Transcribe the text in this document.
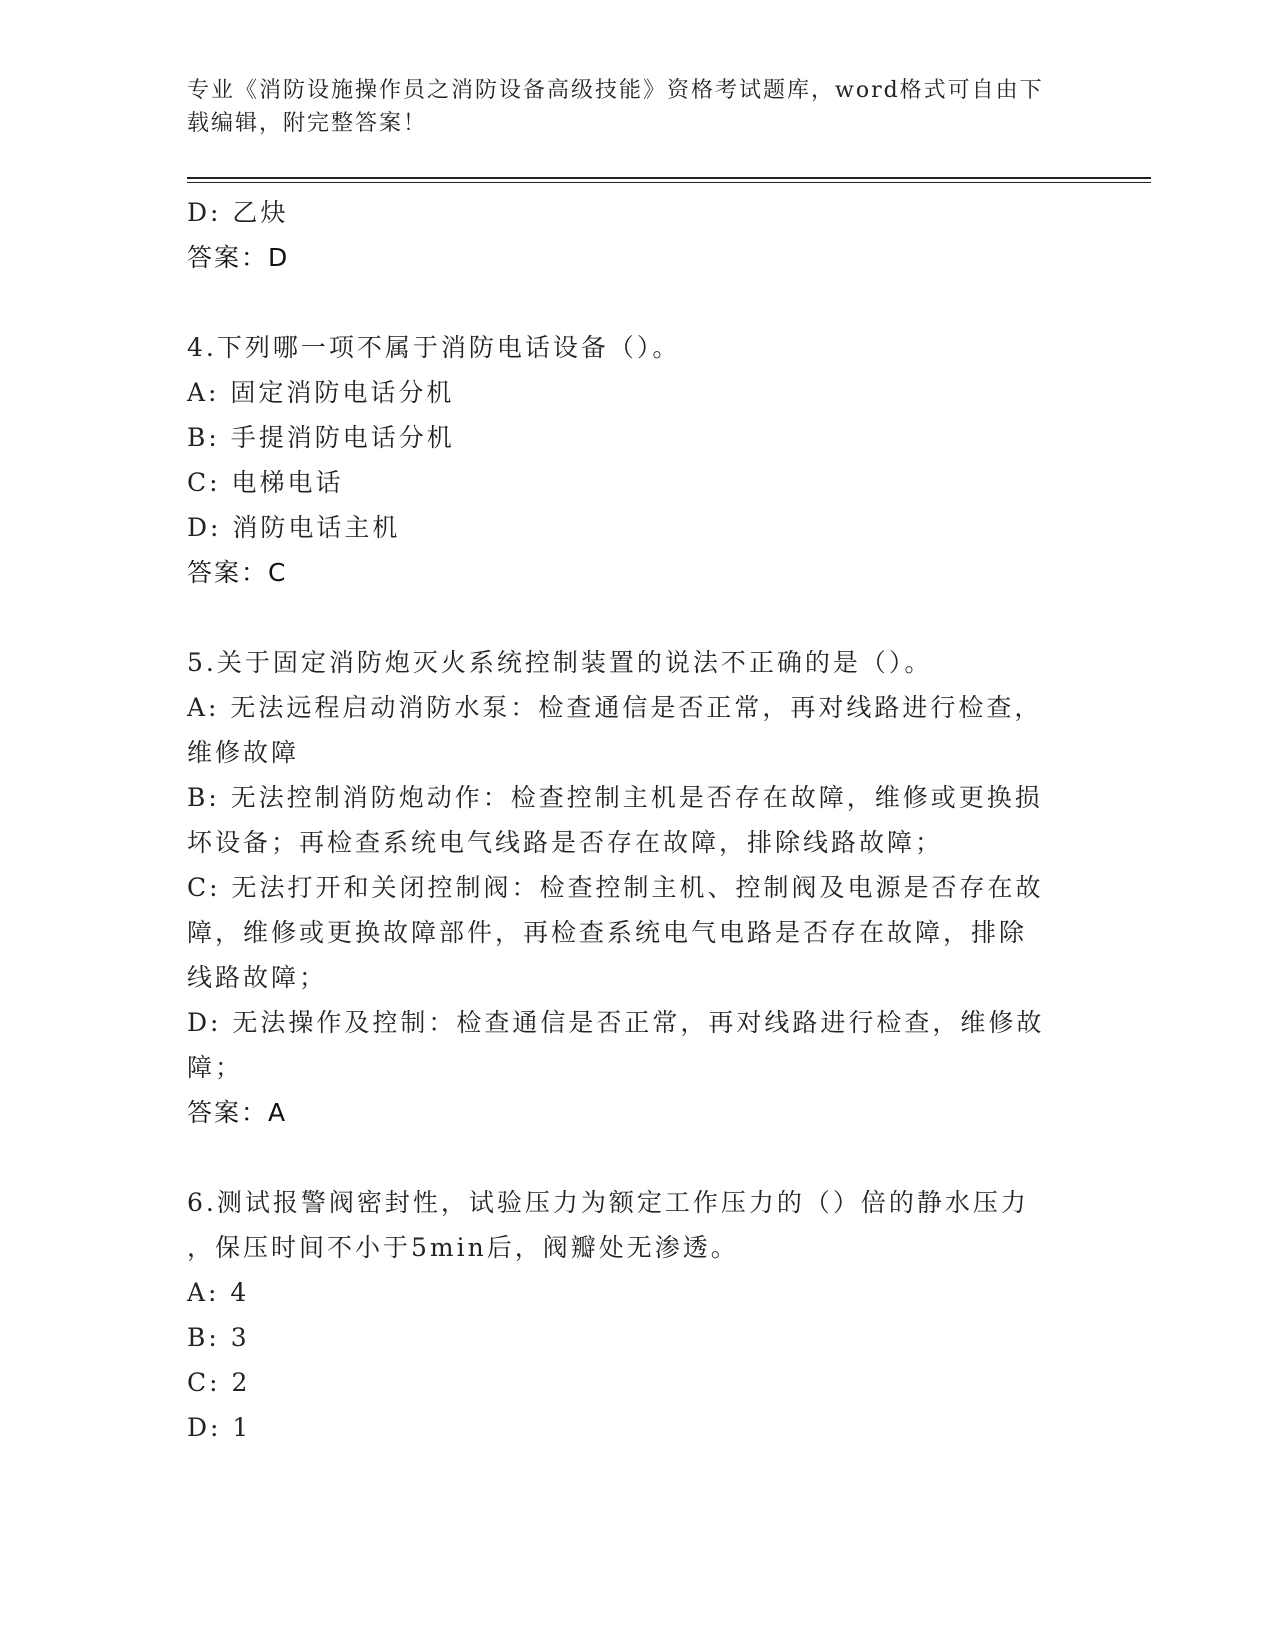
专业《消防设施操作员之消防设备高级技能》资格考试题库，word格式可自由下
载编辑，附完整答案！
D: 乙炔
答案：D
4.下列哪一项不属于消防电话设备（）。
A: 固定消防电话分机
B: 手提消防电话分机
C: 电梯电话
D: 消防电话主机
答案：C
5.关于固定消防炮灭火系统控制装置的说法不正确的是（）。
A: 无法远程启动消防水泵：检查通信是否正常，再对线路进行检查，
维修故障
B: 无法控制消防炮动作：检查控制主机是否存在故障，维修或更换损
坏设备；再检查系统电气线路是否存在故障，排除线路故障；
C: 无法打开和关闭控制阀：检查控制主机、控制阀及电源是否存在故
障，维修或更换故障部件，再检查系统电气电路是否存在故障，排除
线路故障；
D: 无法操作及控制：检查通信是否正常，再对线路进行检查，维修故
障；
答案：A
6.测试报警阀密封性，试验压力为额定工作压力的（）倍的静水压力
，保压时间不小于5min后，阀瓣处无渗透。
A: 4
B: 3
C: 2
D: 1
